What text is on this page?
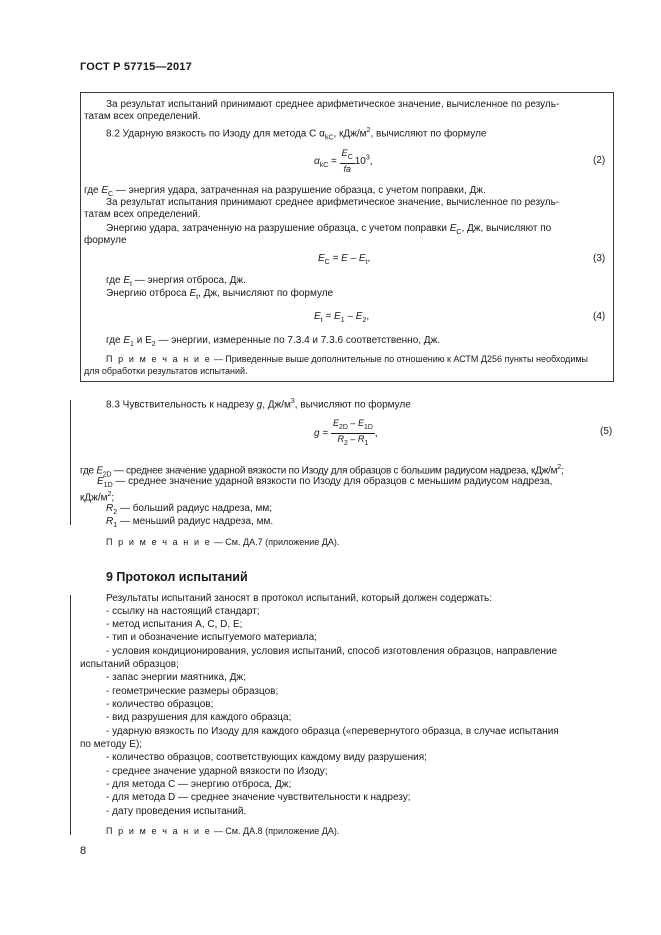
ГОСТ Р 57715—2017
За результат испытаний принимают среднее арифметическое значение, вычисленное по резуль-
татам всех определений.
8.2 Ударную вязкость по Изоду для метода С $\alpha_{kC}$, кДж/$м^2$, вычисляют по формуле
$\alpha_{kC} = \frac{E_C}{fa} 10^3$,	(2)
где $E_C$ — энергия удара, затраченная на разрушение образца, с учетом поправки, Дж.
За результат испытания принимают среднее арифметическое значение, вычисленное по резуль-
татам всех определений.
Энергию удара, затраченную на разрушение образца, с учетом поправки $E_C$, Дж, вычисляют по
формуле
$E_C = E - E_t$,	(3)
где $E_t$ — энергия отброса, Дж.
Энергию отброса $E_t$, Дж, вычисляют по формуле
$E_t = E_1 - E_2$,	(4)
где $E_1$ и $E_2$ — энергии, измеренные по 7.3.4 и 7.3.6 соответственно, Дж.
П р и м е ч а н и е — Приведенные выше дополнительные по отношению к АСТМ Д256 пункты необходимы
для обработки результатов испытаний.
8.3 Чувствительность к надрезу g, $Дж/м^3$, вычисляют по формуле
$g = \frac{E_{2D} - E_{1D}}{R_2 - R_1}$ ,	(5)
где $E_{2D}$ — среднее значение ударной вязкости по Изоду для образцов с большим радиусом надреза, кДж/$м^2$;
$E_{1D}$ — среднее значение ударной вязкости по Изоду для образцов с меньшим радиусом надреза,
кДж/$м^2$;
$R_2$ — больший радиус надреза, мм;
$R_1$ — меньший радиус надреза, мм.
П р и м е ч а н и е — См. ДА.7 (приложение ДА).
9 Протокол испытаний
Результаты испытаний заносят в протокол испытаний, который должен содержать:
- ссылку на настоящий стандарт;
- метод испытания А, С, D, Е;
- тип и обозначение испытуемого материала;
- условия кондиционирования, условия испытаний, способ изготовления образцов, направление
испытаний образцов;
- запас энергии маятника, Дж;
- геометрические размеры образцов;
- количество образцов;
- вид разрушения для каждого образца;
- ударную вязкость по Изоду для каждого образца («перевернутого образца, в случае испытания
по методу Е);
- количество образцов, соответствующих каждому виду разрушения;
- среднее значение ударной вязкости по Изоду;
- для метода С — энергию отброса, Дж;
- для метода D — среднее значение чувствительности к надрезу;
- дату проведения испытаний.
П р и м е ч а н и е — См. ДА.8 (приложение ДА).
8
